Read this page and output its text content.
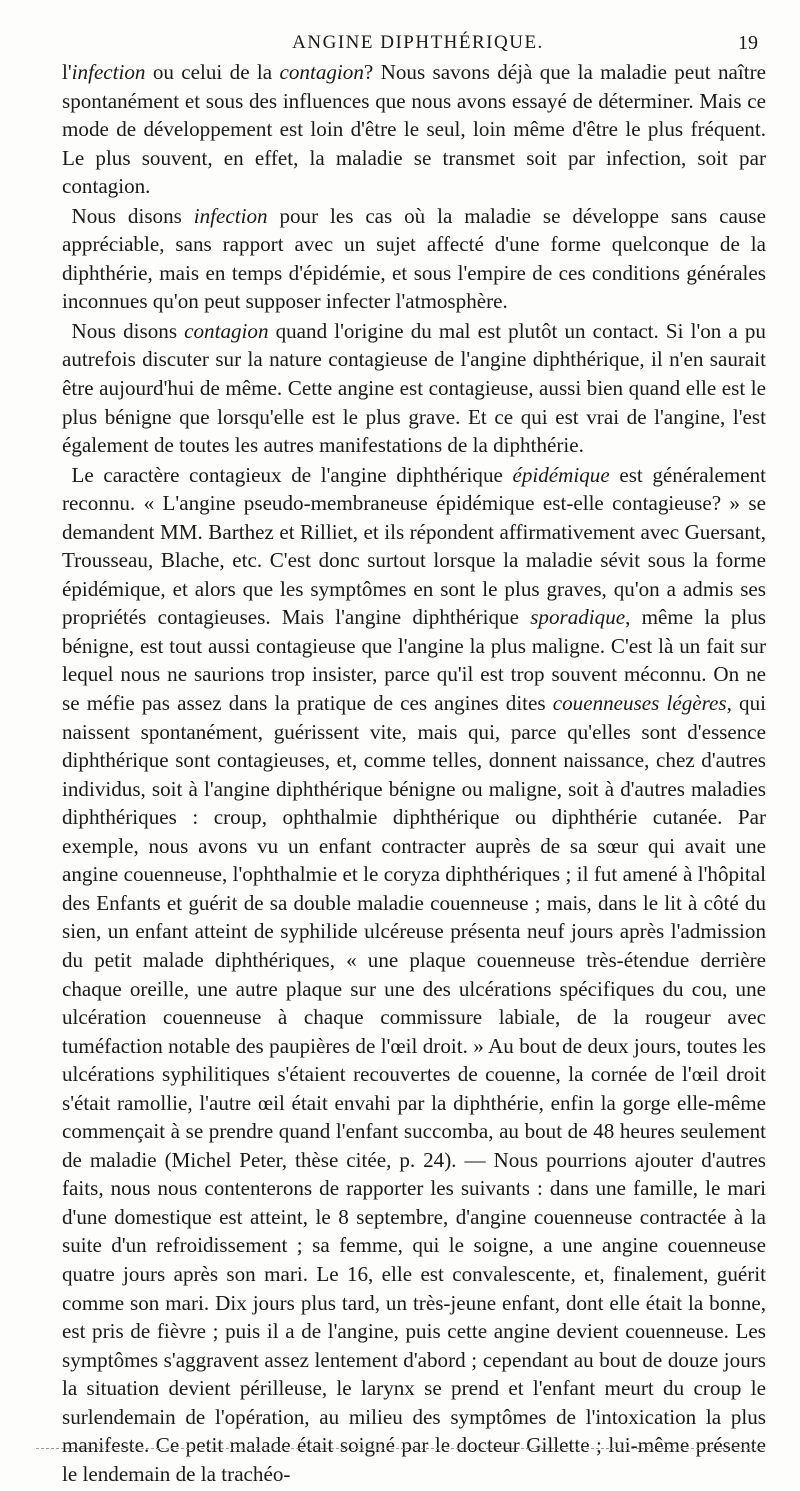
ANGINE DIPHTHÉRIQUE.	19

l'infection ou celui de la contagion? Nous savons déjà que la maladie peut naître spontanément et sous des influences que nous avons essayé de déterminer. Mais ce mode de développement est loin d'être le seul, loin même d'être le plus fréquent. Le plus souvent, en effet, la maladie se transmet soit par infection, soit par contagion.

Nous disons infection pour les cas où la maladie se développe sans cause appréciable, sans rapport avec un sujet affecté d'une forme quelconque de la diphthérie, mais en temps d'épidémie, et sous l'empire de ces conditions générales inconnues qu'on peut supposer infecter l'atmosphère.

Nous disons contagion quand l'origine du mal est plutôt un contact. Si l'on a pu autrefois discuter sur la nature contagieuse de l'angine diphthérique, il n'en saurait être aujourd'hui de même. Cette angine est contagieuse, aussi bien quand elle est le plus bénigne que lorsqu'elle est le plus grave. Et ce qui est vrai de l'angine, l'est également de toutes les autres manifestations de la diphthérie.

Le caractère contagieux de l'angine diphthérique épidémique est généralement reconnu. « L'angine pseudo-membraneuse épidémique est-elle contagieuse? » se demandent MM. Barthez et Rilliet, et ils répondent affirmativement avec Guersant, Trousseau, Blache, etc. C'est donc surtout lorsque la maladie sévit sous la forme épidémique, et alors que les symptômes en sont le plus graves, qu'on a admis ses propriétés contagieuses. Mais l'angine diphthérique sporadique, même la plus bénigne, est tout aussi contagieuse que l'angine la plus maligne. C'est là un fait sur lequel nous ne saurions trop insister, parce qu'il est trop souvent méconnu. On ne se méfie pas assez dans la pratique de ces angines dites couenneuses légères, qui naissent spontanément, guérissent vite, mais qui, parce qu'elles sont d'essence diphthérique sont contagieuses, et, comme telles, donnent naissance, chez d'autres individus, soit à l'angine diphthérique bénigne ou maligne, soit à d'autres maladies diphthériques : croup, ophthalmie diphthérique ou diphthérie cutanée. Par exemple, nous avons vu un enfant contracter auprès de sa sœur qui avait une angine couenneuse, l'ophthalmie et le coryza diphthériques ; il fut amené à l'hôpital des Enfants et guérit de sa double maladie couenneuse ; mais, dans le lit à côté du sien, un enfant atteint de syphilide ulcéreuse présenta neuf jours après l'admission du petit malade diphthériques, « une plaque couenneuse très-étendue derrière chaque oreille, une autre plaque sur une des ulcérations spécifiques du cou, une ulcération couenneuse à chaque commissure labiale, de la rougeur avec tuméfaction notable des paupières de l'œil droit. » Au bout de deux jours, toutes les ulcérations syphilitiques s'étaient recouvertes de couenne, la cornée de l'œil droit s'était ramollie, l'autre œil était envahi par la diphthérie, enfin la gorge elle-même commençait à se prendre quand l'enfant succomba, au bout de 48 heures seulement de maladie (Michel Peter, thèse citée, p. 24). — Nous pourrions ajouter d'autres faits, nous nous contenterons de rapporter les suivants : dans une famille, le mari d'une domestique est atteint, le 8 septembre, d'angine couenneuse contractée à la suite d'un refroidissement ; sa femme, qui le soigne, a une angine couenneuse quatre jours après son mari. Le 16, elle est convalescente, et, finalement, guérit comme son mari. Dix jours plus tard, un très-jeune enfant, dont elle était la bonne, est pris de fièvre ; puis il a de l'angine, puis cette angine devient couenneuse. Les symptômes s'aggravent assez lentement d'abord ; cependant au bout de douze jours la situation devient périlleuse, le larynx se prend et l'enfant meurt du croup le surlendemain de l'opération, au milieu des symptômes de l'intoxication la plus manifeste. Ce petit malade était soigné par le docteur Gillette ; lui-même présente le lendemain de la trachéo-
